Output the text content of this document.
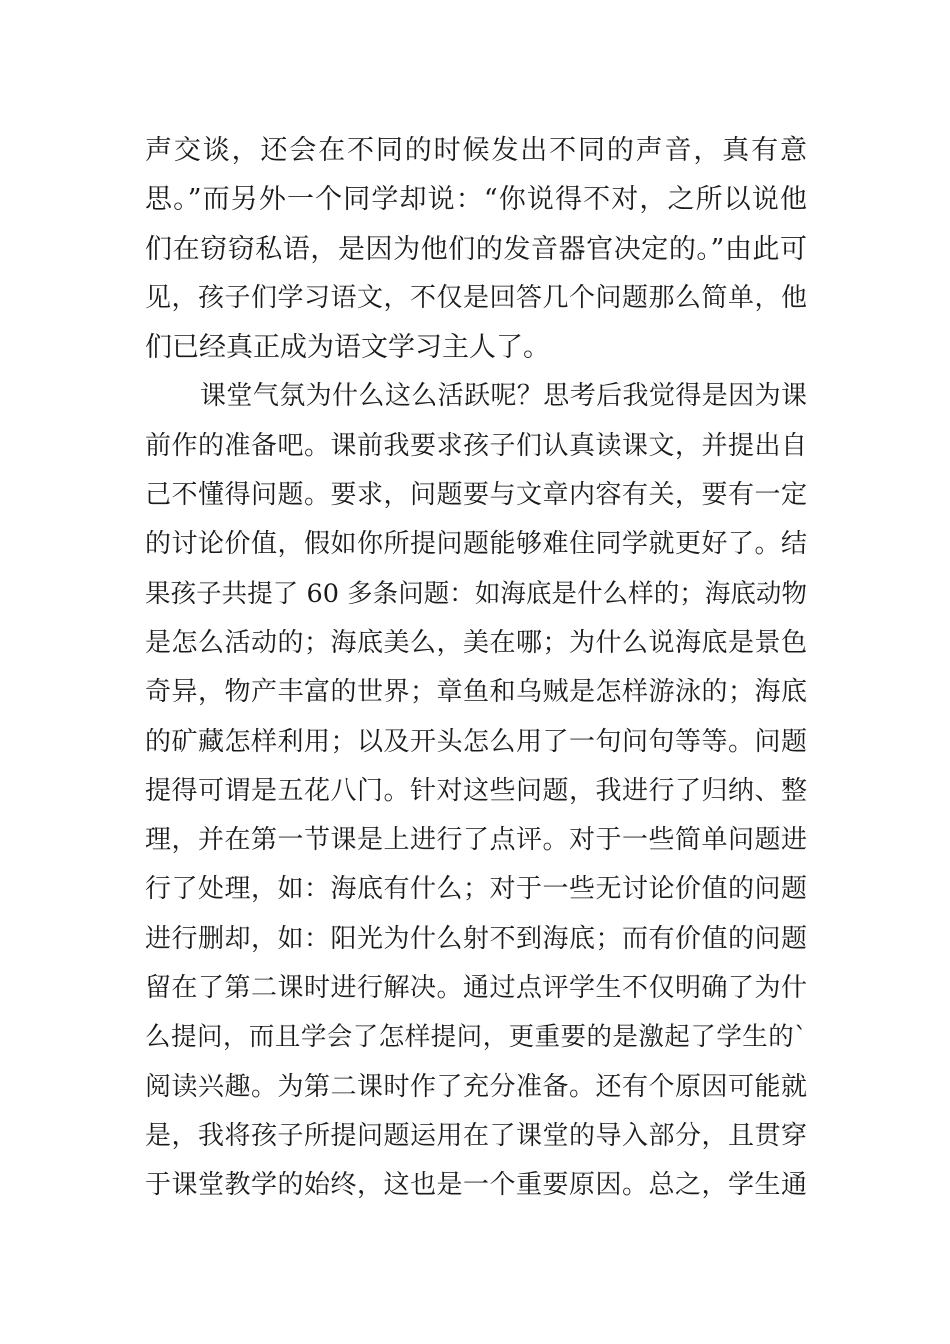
声交谈，还会在不同的时候发出不同的声音，真有意
思。”而另外一个同学却说：“你说得不对，之所以说他
们在窃窃私语，是因为他们的发音器官决定的。”由此可
见，孩子们学习语文，不仅是回答几个问题那么简单，他
们已经真正成为语文学习主人了。
课堂气氛为什么这么活跃呢？思考后我觉得是因为课
前作的准备吧。课前我要求孩子们认真读课文，并提出自
己不懂得问题。要求，问题要与文章内容有关，要有一定
的讨论价值，假如你所提问题能够难住同学就更好了。结
果孩子共提了 60 多条问题：如海底是什么样的；海底动物
是怎么活动的；海底美么，美在哪；为什么说海底是景色
奇异，物产丰富的世界；章鱼和乌贼是怎样游泳的；海底
的矿藏怎样利用；以及开头怎么用了一句问句等等。问题
提得可谓是五花八门。针对这些问题，我进行了归纳、整
理，并在第一节课是上进行了点评。对于一些简单问题进
行了处理，如：海底有什么；对于一些无讨论价值的问题
进行删却，如：阳光为什么射不到海底；而有价值的问题
留在了第二课时进行解决。通过点评学生不仅明确了为什
么提问，而且学会了怎样提问，更重要的是激起了学生的`
阅读兴趣。为第二课时作了充分准备。还有个原因可能就
是，我将孩子所提问题运用在了课堂的导入部分，且贯穿
于课堂教学的始终，这也是一个重要原因。总之，学生通
